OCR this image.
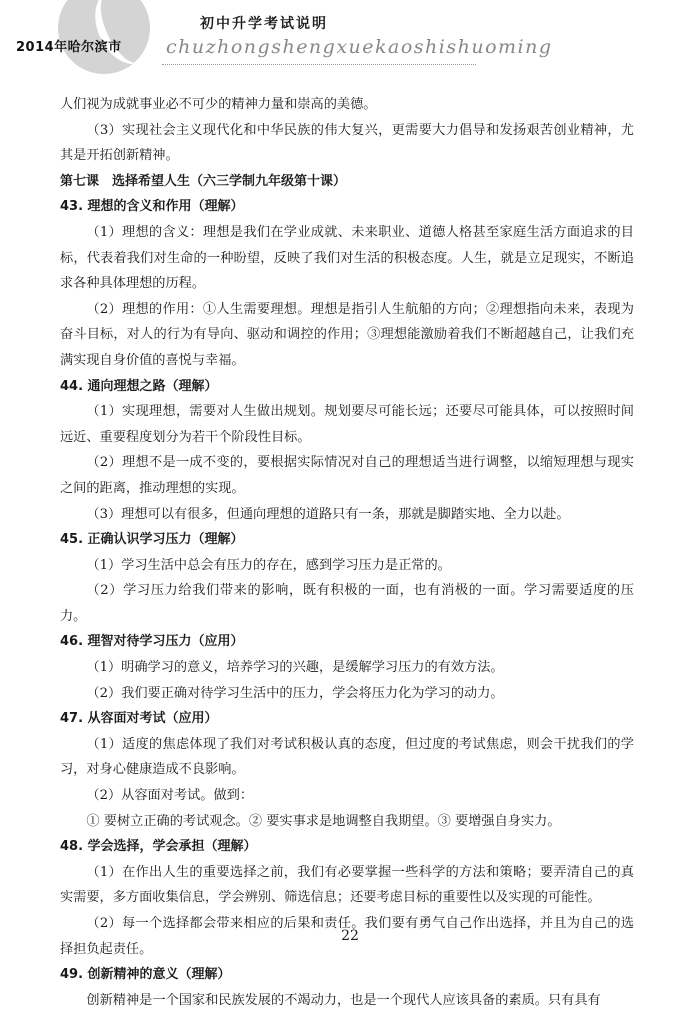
2014年哈尔滨市
初中升学考试说明
chuzhongshengxuekaoshishuoming

人们视为成就事业必不可少的精神力量和崇高的美德。

（3）实现社会主义现代化和中华民族的伟大复兴，更需要大力倡导和发扬艰苦创业精神，尤其是开拓创新精神。

第七课　选择希望人生（六三学制九年级第十课）

43. 理想的含义和作用（理解）

（1）理想的含义：理想是我们在学业成就、未来职业、道德人格甚至家庭生活方面追求的目标，代表着我们对生命的一种盼望，反映了我们对生活的积极态度。人生，就是立足现实，不断追求各种具体理想的历程。

（2）理想的作用：①人生需要理想。理想是指引人生航船的方向；②理想指向未来，表现为奋斗目标，对人的行为有导向、驱动和调控的作用；③理想能激励着我们不断超越自己，让我们充满实现自身价值的喜悦与幸福。

44. 通向理想之路（理解）

（1）实现理想，需要对人生做出规划。规划要尽可能长远；还要尽可能具体，可以按照时间远近、重要程度划分为若干个阶段性目标。

（2）理想不是一成不变的，要根据实际情况对自己的理想适当进行调整，以缩短理想与现实之间的距离，推动理想的实现。

（3）理想可以有很多，但通向理想的道路只有一条，那就是脚踏实地、全力以赴。

45. 正确认识学习压力（理解）

（1）学习生活中总会有压力的存在，感到学习压力是正常的。

（2）学习压力给我们带来的影响，既有积极的一面，也有消极的一面。学习需要适度的压力。

46. 理智对待学习压力（应用）

（1）明确学习的意义，培养学习的兴趣，是缓解学习压力的有效方法。

（2）我们要正确对待学习生活中的压力，学会将压力化为学习的动力。

47. 从容面对考试（应用）

（1）适度的焦虑体现了我们对考试积极认真的态度，但过度的考试焦虑，则会干扰我们的学习，对身心健康造成不良影响。

（2）从容面对考试。做到：

① 要树立正确的考试观念。② 要实事求是地调整自我期望。③ 要增强自身实力。

48. 学会选择，学会承担（理解）

（1）在作出人生的重要选择之前，我们有必要掌握一些科学的方法和策略；要弄清自己的真实需要，多方面收集信息，学会辨别、筛选信息；还要考虑目标的重要性以及实现的可能性。

（2）每一个选择都会带来相应的后果和责任。我们要有勇气自己作出选择，并且为自己的选择担负起责任。

49. 创新精神的意义（理解）

创新精神是一个国家和民族发展的不竭动力，也是一个现代人应该具备的素质。只有具有

22
